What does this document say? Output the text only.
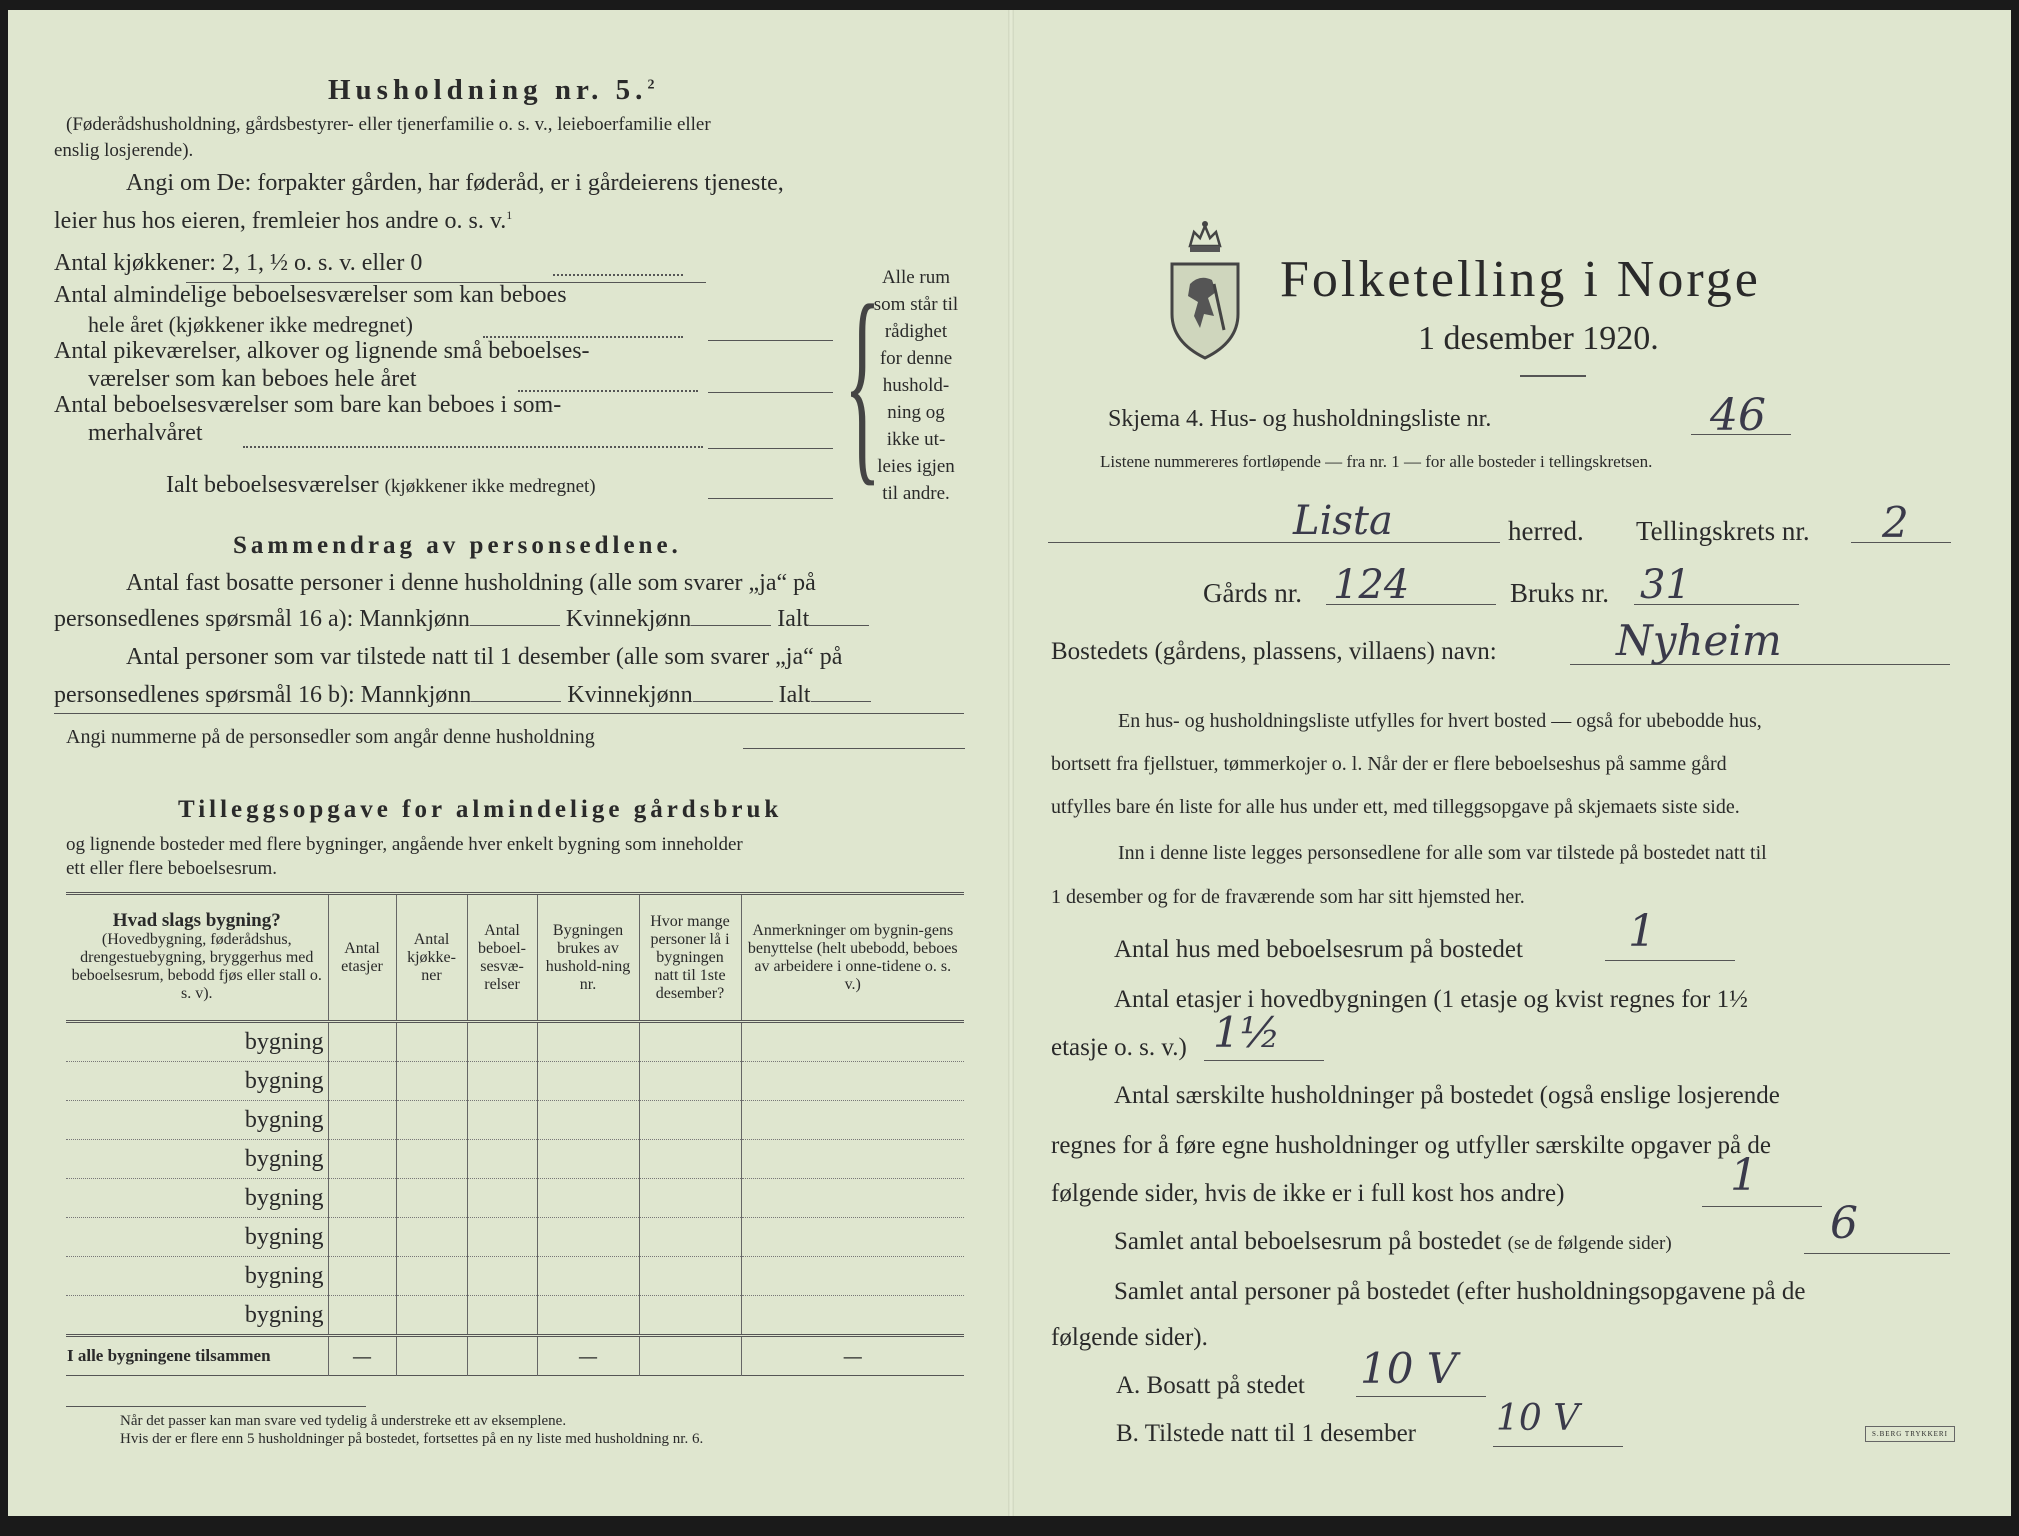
Husholdning nr. 5.$^2$
(Føderådshusholdning, gårdsbestyrer- eller tjenerfamilie o. s. v., leieboerfamilie eller
enslig losjerende).
Angi om De: forpakter gården, har føderåd, er i gårdeierens tjeneste,
leier hus hos eieren, fremleier hos andre o. s. v.$^1$
Antal kjøkkener: 2, 1, ½ o. s. v. eller 0
Antal almindelige beboelsesværelser som kan beboes
hele året (kjøkkener ikke medregnet)
Antal pikeværelser, alkover og lignende små beboelses-
værelser som kan beboes hele året
Antal beboelsesværelser som bare kan beboes i som-
merhalvåret
Ialt beboelsesværelser (kjøkkener ikke medregnet) { Alle rum
som står til
rådighet
for denne
hushold-
ning og
ikke ut-
leies igjen
til andre.
Sammendrag av personsedlene.
Antal fast bosatte personer i denne husholdning (alle som svarer „ja“ på
personsedlenes spørsmål 16 a): Mannkjønn	Kvinnekjønn	Ialt
Antal personer som var tilstede natt til 1 desember (alle som svarer „ja“ på
personsedlenes spørsmål 16 b): Mannkjønn	Kvinnekjønn	Ialt
Angi nummerne på de personsedler som angår denne husholdning
Tilleggsopgave for almindelige gårdsbruk
og lignende bosteder med flere bygninger, angående hver enkelt bygning som inneholder
ett eller flere beboelsesrum.
Hvad slags bygning?
(Hovedbygning, føderådshus, drengestuebygning, bryggerhus med beboelsesrum, bebodd fjøs eller stall o. s. v).	Antal etasjer	Antal kjøkke-ner	Antal beboel-sesvæ-relser	Bygningen brukes av hushold-ning nr.	Hvor mange personer lå i bygningen natt til 1ste desember?	Anmerkninger om bygnin-gens benyttelse (helt ubebodd, beboes av arbeidere i onne-tidene o. s. v.)
bygning						
bygning						
bygning						
bygning						
bygning						
bygning						
bygning						
bygning						
I alle bygningene tilsammen	—			—		—
Når det passer kan man svare ved tydelig å understreke ett av eksemplene.
Hvis der er flere enn 5 husholdninger på bostedet, fortsettes på en ny liste med husholdning nr. 6.
Folketelling i Norge
1 desember 1920.
Skjema 4. Hus- og husholdningsliste nr.	46
Listene nummereres fortløpende — fra nr. 1 — for alle bosteder i tellingskretsen.
Lista	herred. Tellingskrets nr. 2
Gårds nr. 124	Bruks nr. 31
Bostedets (gårdens, plassens, villaens) navn:	Nyheim
En hus- og husholdningsliste utfylles for hvert bosted — også for ubebodde hus,
bortsett fra fjellstuer, tømmerkojer o. l. Når der er flere beboelseshus på samme gård
utfylles bare én liste for alle hus under ett, med tilleggsopgave på skjemaets siste side.
Inn i denne liste legges personsedlene for alle som var tilstede på bostedet natt til
1 desember og for de fraværende som har sitt hjemsted her.
Antal hus med beboelsesrum på bostedet 1
Antal etasjer i hovedbygningen (1 etasje og kvist regnes for 1½
etasje o. s. v.) 1½
Antal særskilte husholdninger på bostedet (også enslige losjerende
regnes for å føre egne husholdninger og utfyller særskilte opgaver på de
følgende sider, hvis de ikke er i full kost hos andre)	1
Samlet antal beboelsesrum på bostedet (se de følgende sider)	6
Samlet antal personer på bostedet (efter husholdningsopgavene på de
følgende sider).
A. Bosatt på stedet 10 V
B. Tilstede natt til 1 desember 10 V	S.BERG TRYKKERI
